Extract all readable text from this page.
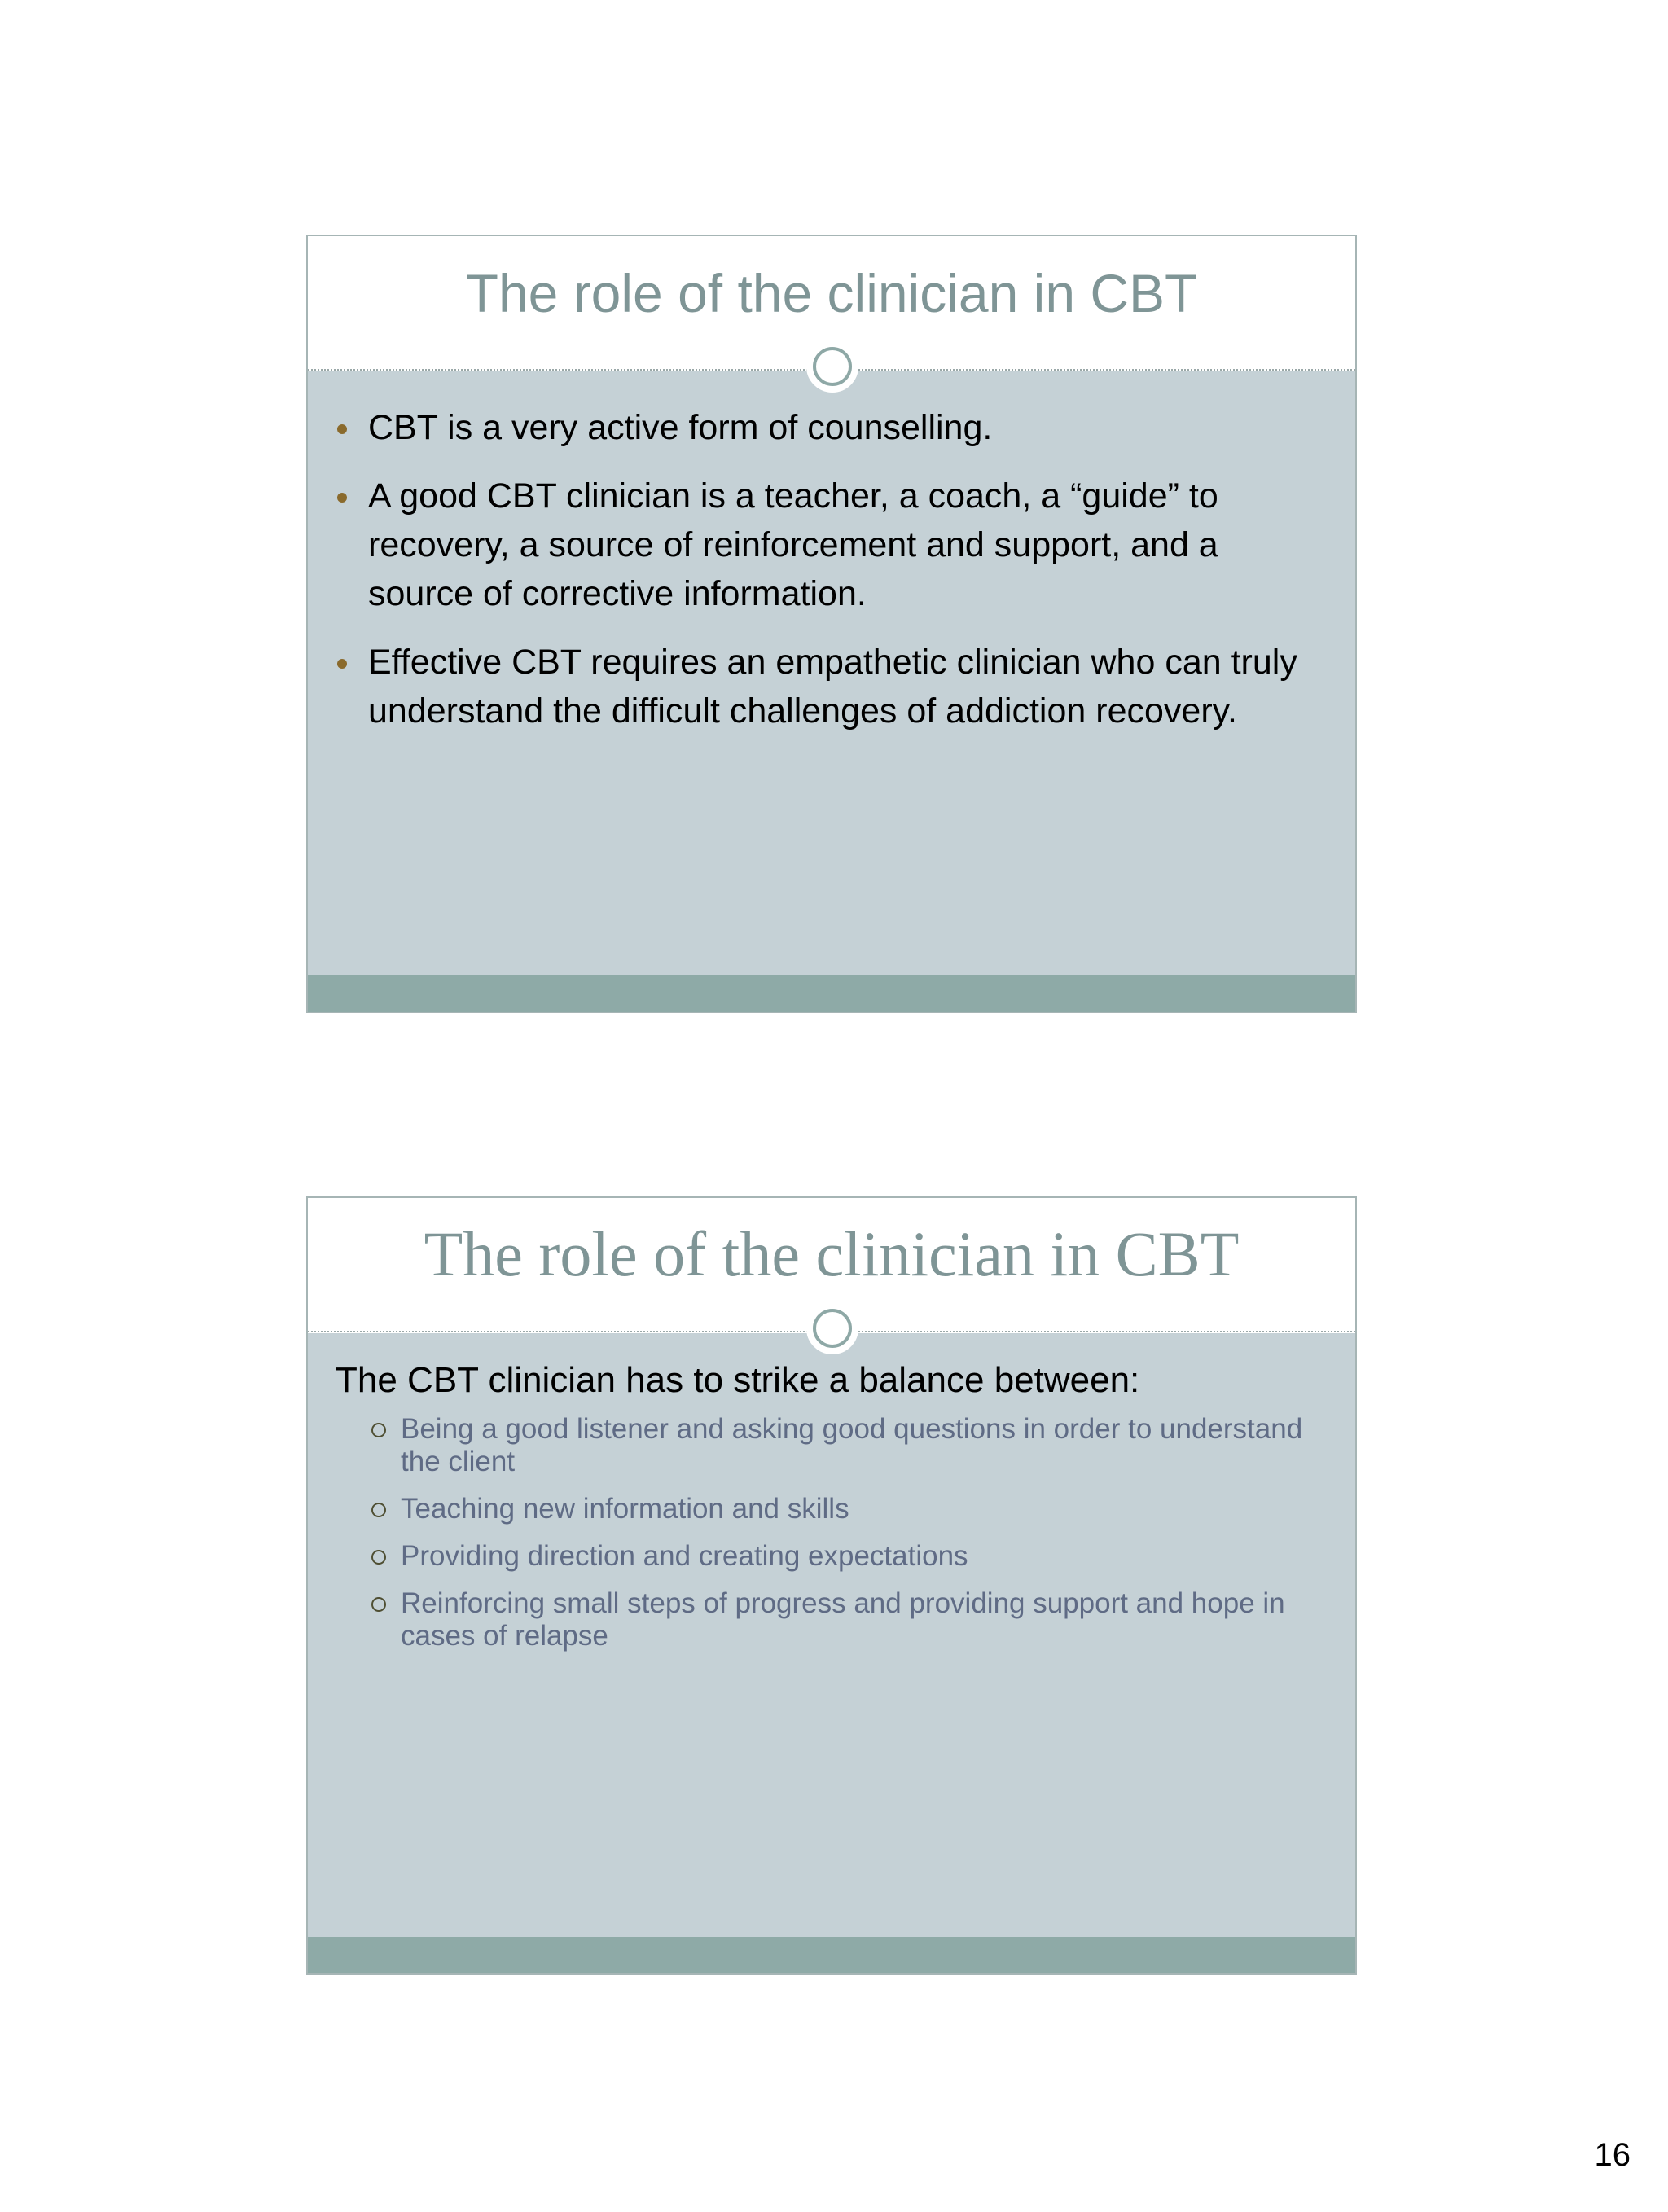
The role of the clinician in CBT
CBT is a very active form of counselling.
A good CBT clinician is a teacher, a coach, a “guide” to recovery, a source of reinforcement and support, and a source of corrective information.
Effective CBT requires an empathetic clinician who can truly understand the difficult challenges of addiction recovery.
The role of the clinician in CBT

The CBT clinician has to strike a balance between:

Being a good listener and asking good questions in order to understand the client
Teaching new information and skills
Providing direction and creating expectations
Reinforcing small steps of progress and providing support and hope in cases of relapse
16
